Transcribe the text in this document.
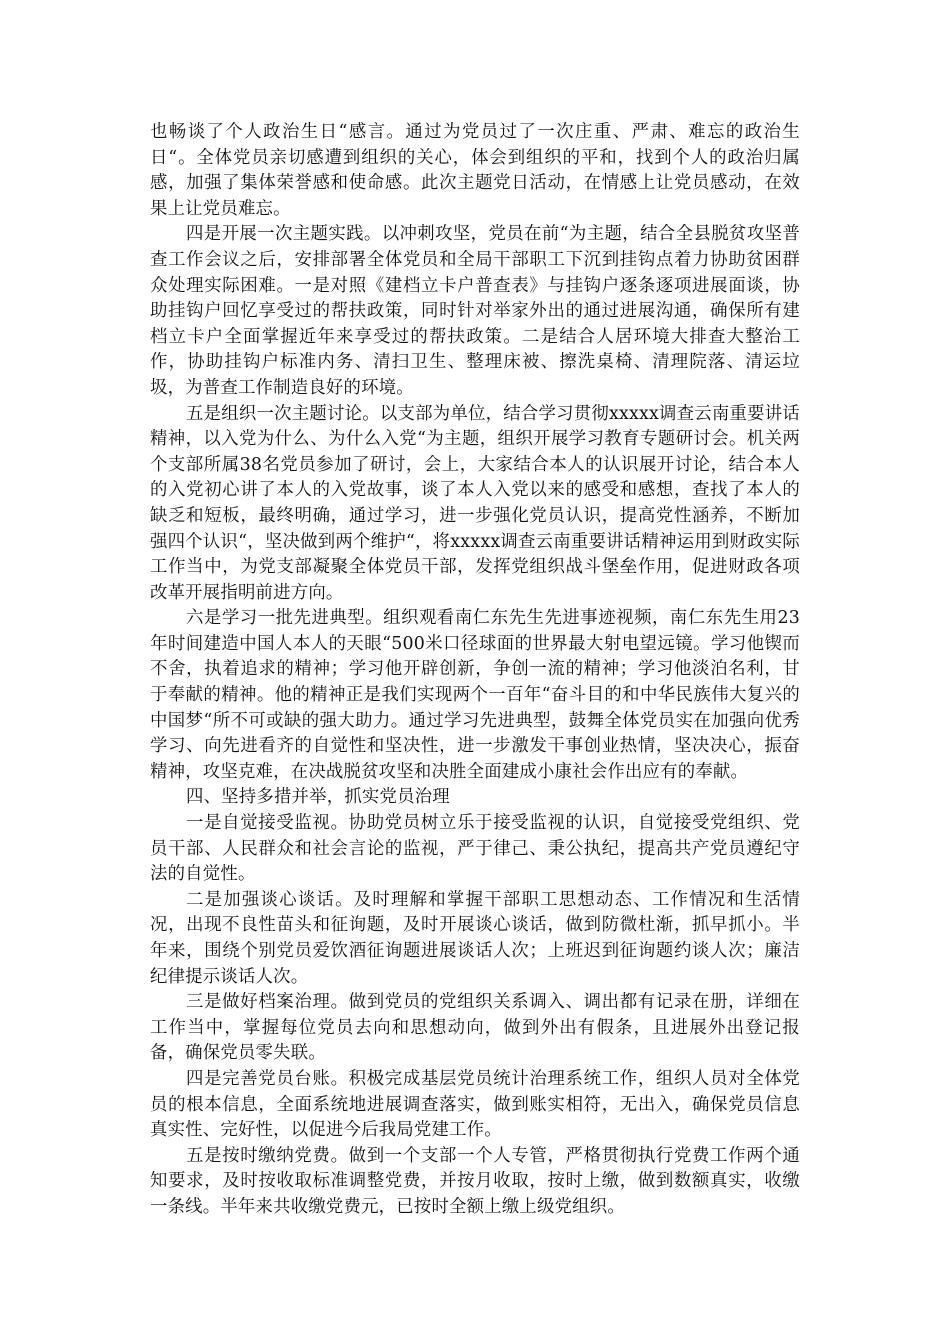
也畅谈了个人政治生日“感言。通过为党员过了一次庄重、严肃、难忘的政治生日“。全体党员亲切感遭到组织的关心，体会到组织的平和，找到个人的政治归属感，加强了集体荣誉感和使命感。此次主题党日活动，在情感上让党员感动，在效果上让党员难忘。

四是开展一次主题实践。以冲刺攻坚，党员在前“为主题，结合全县脱贫攻坚普查工作会议之后，安排部署全体党员和全局干部职工下沉到挂钩点着力协助贫困群众处理实际困难。一是对照《建档立卡户普查表》与挂钩户逐条逐项进展面谈，协助挂钩户回忆享受过的帮扶政策，同时针对举家外出的通过进展沟通，确保所有建档立卡户全面掌握近年来享受过的帮扶政策。二是结合人居环境大排查大整治工作，协助挂钩户标准内务、清扫卫生、整理床被、擦洗桌椅、清理院落、清运垃圾，为普查工作制造良好的环境。

五是组织一次主题讨论。以支部为单位，结合学习贯彻xxxxx调查云南重要讲话精神，以入党为什么、为什么入党“为主题，组织开展学习教育专题研讨会。机关两个支部所属38名党员参加了研讨，会上，大家结合本人的认识展开讨论，结合本人的入党初心讲了本人的入党故事，谈了本人入党以来的感受和感想，查找了本人的缺乏和短板，最终明确，通过学习，进一步强化党员认识，提高党性涵养，不断加强四个认识“，坚决做到两个维护“，将xxxxx调查云南重要讲话精神运用到财政实际工作当中，为党支部凝聚全体党员干部，发挥党组织战斗堡垒作用，促进财政各项改革开展指明前进方向。

六是学习一批先进典型。组织观看南仁东先生先进事迹视频，南仁东先生用23年时间建造中国人本人的天眼“500米口径球面的世界最大射电望远镜。学习他锲而不舍，执着追求的精神；学习他开辟创新，争创一流的精神；学习他淡泊名利，甘于奉献的精神。他的精神正是我们实现两个一百年“奋斗目的和中华民族伟大复兴的中国梦“所不可或缺的强大助力。通过学习先进典型，鼓舞全体党员实在加强向优秀学习、向先进看齐的自觉性和坚决性，进一步激发干事创业热情，坚决决心，振奋精神，攻坚克难，在决战脱贫攻坚和决胜全面建成小康社会作出应有的奉献。

四、坚持多措并举，抓实党员治理

一是自觉接受监视。协助党员树立乐于接受监视的认识，自觉接受党组织、党员干部、人民群众和社会言论的监视，严于律己、秉公执纪，提高共产党员遵纪守法的自觉性。

二是加强谈心谈话。及时理解和掌握干部职工思想动态、工作情况和生活情况，出现不良性苗头和征询题，及时开展谈心谈话，做到防微杜渐，抓早抓小。半年来，围绕个别党员爱饮酒征询题进展谈话人次；上班迟到征询题约谈人次；廉洁纪律提示谈话人次。

三是做好档案治理。做到党员的党组织关系调入、调出都有记录在册，详细在工作当中，掌握每位党员去向和思想动向，做到外出有假条，且进展外出登记报备，确保党员零失联。

四是完善党员台账。积极完成基层党员统计治理系统工作，组织人员对全体党员的根本信息，全面系统地进展调查落实，做到账实相符，无出入，确保党员信息真实性、完好性，以促进今后我局党建工作。

五是按时缴纳党费。做到一个支部一个人专管，严格贯彻执行党费工作两个通知要求，及时按收取标准调整党费，并按月收取，按时上缴，做到数额真实，收缴一条线。半年来共收缴党费元，已按时全额上缴上级党组织。
